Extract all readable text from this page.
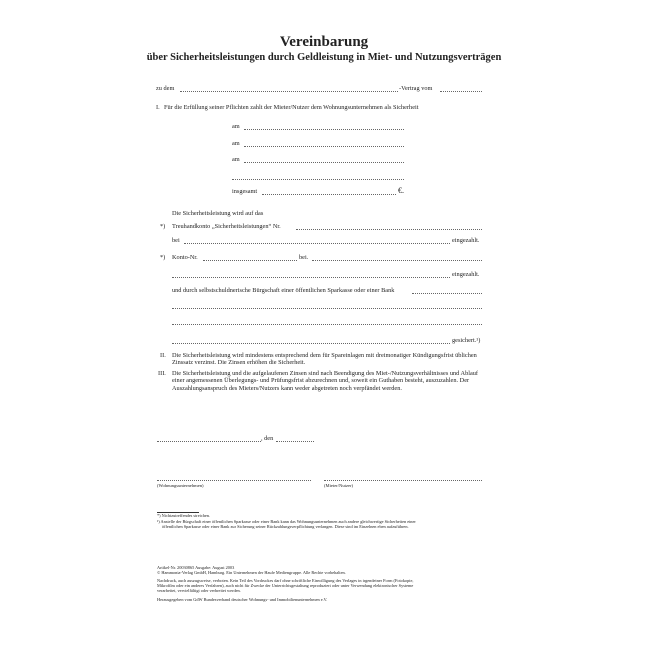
Vereinbarung
über Sicherheitsleistungen durch Geldleistung in Miet- und Nutzungsverträgen
zu dem	-Vertrag vom
I. Für die Erfüllung seiner Pflichten zahlt der Mieter/Nutzer dem Wohnungsunternehmen als Sicherheit
am
am
am
insgesamt	€.
Die Sicherheitsleistung wird auf das
*) Treuhandkonto „Sicherheitsleistungen“ Nr.
bei	eingezahlt.
*) Konto-Nr.	bei.
eingezahlt.
und durch selbstschuldnerische Bürgschaft einer öffentlichen Sparkasse oder einer Bank
gesichert.¹)
II. Die Sicherheitsleistung wird mindestens entsprechend dem für Spareinlagen mit dreimonatiger Kündigungsfrist üblichen Zinssatz verzinst. Die Zinsen erhöhen die Sicherheit.
III. Die Sicherheitsleistung und die aufgelaufenen Zinsen sind nach Beendigung des Miet-/Nutzungsverhältnisses und Ablauf einer angemessenen Überlegungs- und Prüfungsfrist abzurechnen und, soweit ein Guthaben besteht, auszuzahlen. Der Auszahlungsanspruch des Mieters/Nutzers kann weder abgetreten noch verpfändet werden.
, den
(Wohnungsunternehmen)	(Mieter/Nutzer)
*) Nichtzutreffendes streichen.
¹) Anstelle der Bürgschaft einer öffentlichen Sparkasse oder einer Bank kann das Wohnungsunternehmen auch andere gleichwertige Sicherheiten einer
öffentlichen Sparkasse oder einer Bank zur Sicherung seiner Rückzahlungsverpflichtung verlangen. Diese sind im Einzelnen eben aufzuführen.
Artikel-Nr. 20030865 Ausgabe: August 2003
© Hammonia-Verlag GmbH, Hamburg. Ein Unternehmen der Haufe Mediengruppe. Alle Rechte vorbehalten.
Nachdruck, auch auszugsweise, verboten. Kein Teil des Vordruckes darf ohne schriftliche Einwilligung des Verlages in irgendeiner Form (Fotokopie,
Mikrofilm oder ein anderes Verfahren), auch nicht für Zwecke der Unterrichtsgestaltung reproduziert oder unter Verwendung elektronischer Systeme
verarbeitet, vervielfältigt oder verbreitet werden.
Herausgegeben vom GdW Bundesverband deutscher Wohnungs- und Immobilienunternehmen e.V.
